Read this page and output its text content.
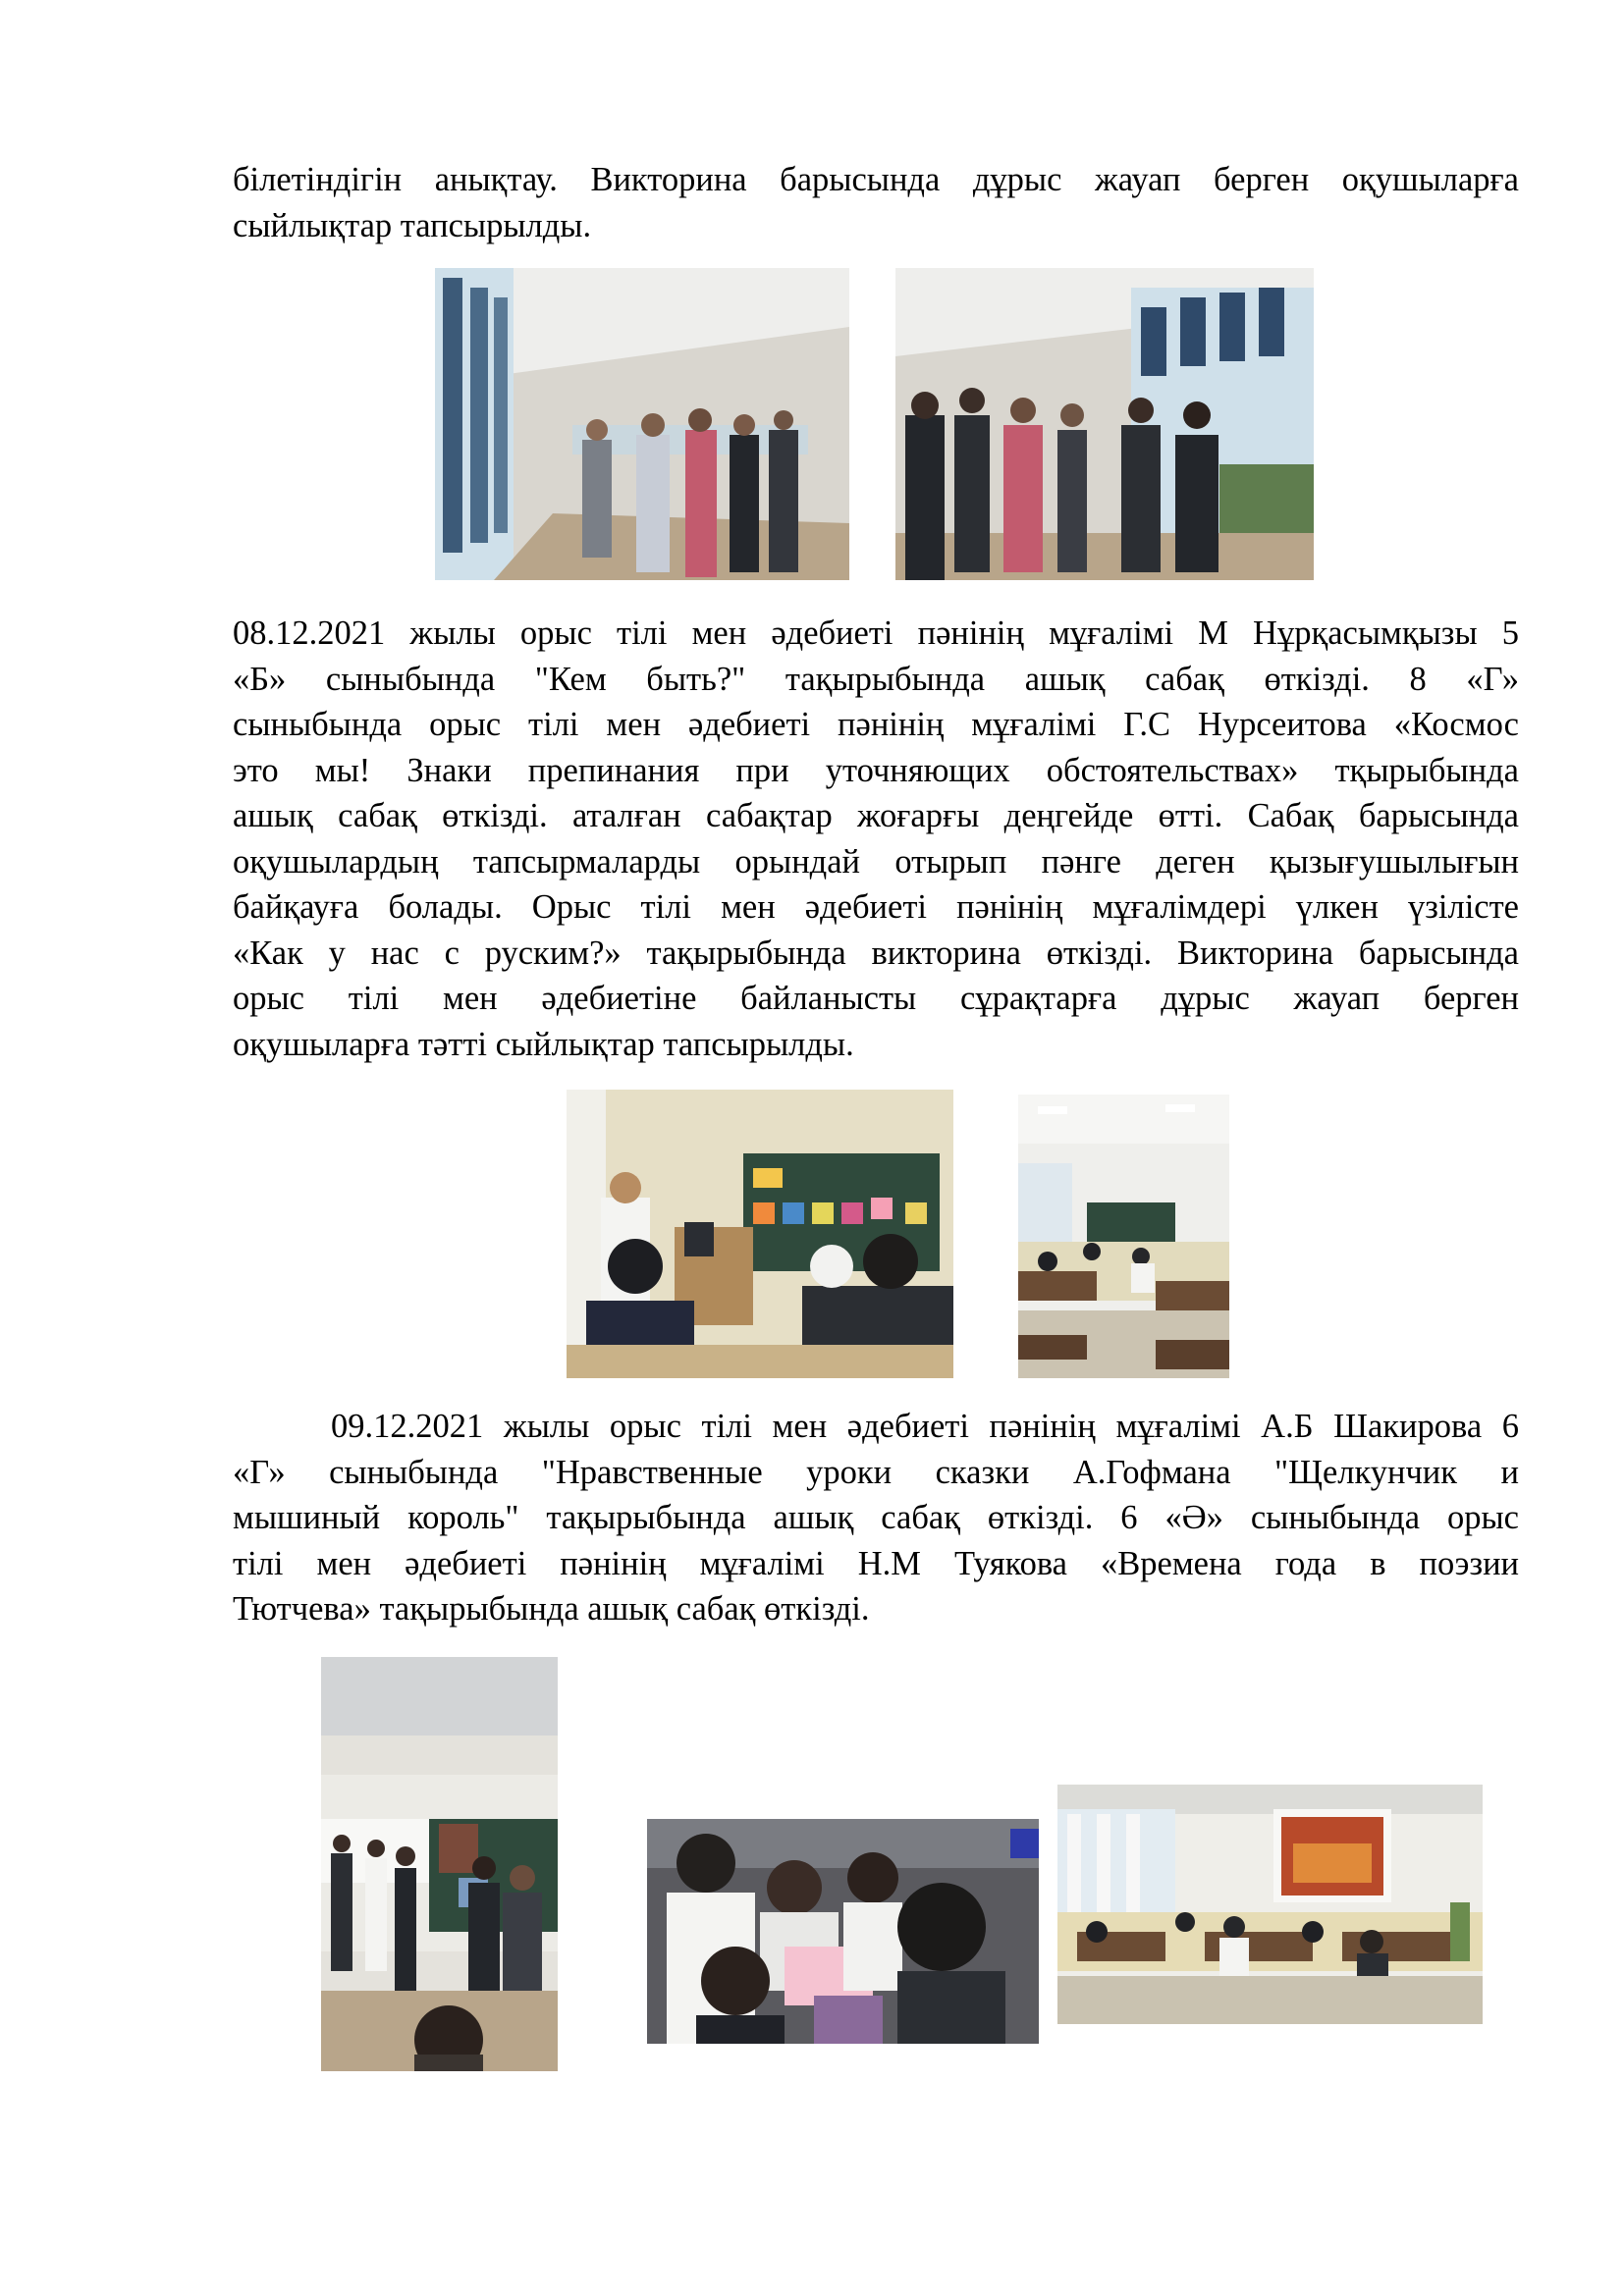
білетіндігін анықтау. Викторина барысында дұрыс жауап берген оқушыларға
сыйлықтар тапсырылды.
08.12.2021 жылы орыс тілі мен әдебиеті пәнінің мұғалімі М Нұрқасымқызы 5
«Б» сыныбында "Кем быть?" тақырыбында ашық сабақ өткізді. 8 «Г»
сыныбында орыс тілі мен әдебиеті пәнінің мұғалімі Г.С Нурсеитова «Космос
это мы! Знаки препинания при уточняющих обстоятельствах» тқырыбында
ашық сабақ өткізді. аталған сабақтар жоғарғы деңгейде өтті. Сабақ барысында
оқушылардың тапсырмаларды орындай отырып пәнге деген қызығушылығын
байқауға болады. Орыс тілі мен әдебиеті пәнінің мұғалімдері үлкен үзілісте
«Как у нас с руским?» тақырыбында викторина өткізді. Викторина барысында
орыс тілі мен әдебиетіне байланысты сұрақтарға дұрыс жауап берген
оқушыларға тәтті сыйлықтар тапсырылды.
09.12.2021 жылы орыс тілі мен әдебиеті пәнінің мұғалімі А.Б Шакирова 6
«Г» сыныбында "Нравственные уроки сказки А.Гофмана "Щелкунчик и
мышиный король" тақырыбында ашық сабақ өткізді. 6 «Ә» сыныбында орыс
тілі мен әдебиеті пәнінің мұғалімі Н.М Туякова «Времена года в поэзии
Тютчева» тақырыбында ашық сабақ өткізді.
